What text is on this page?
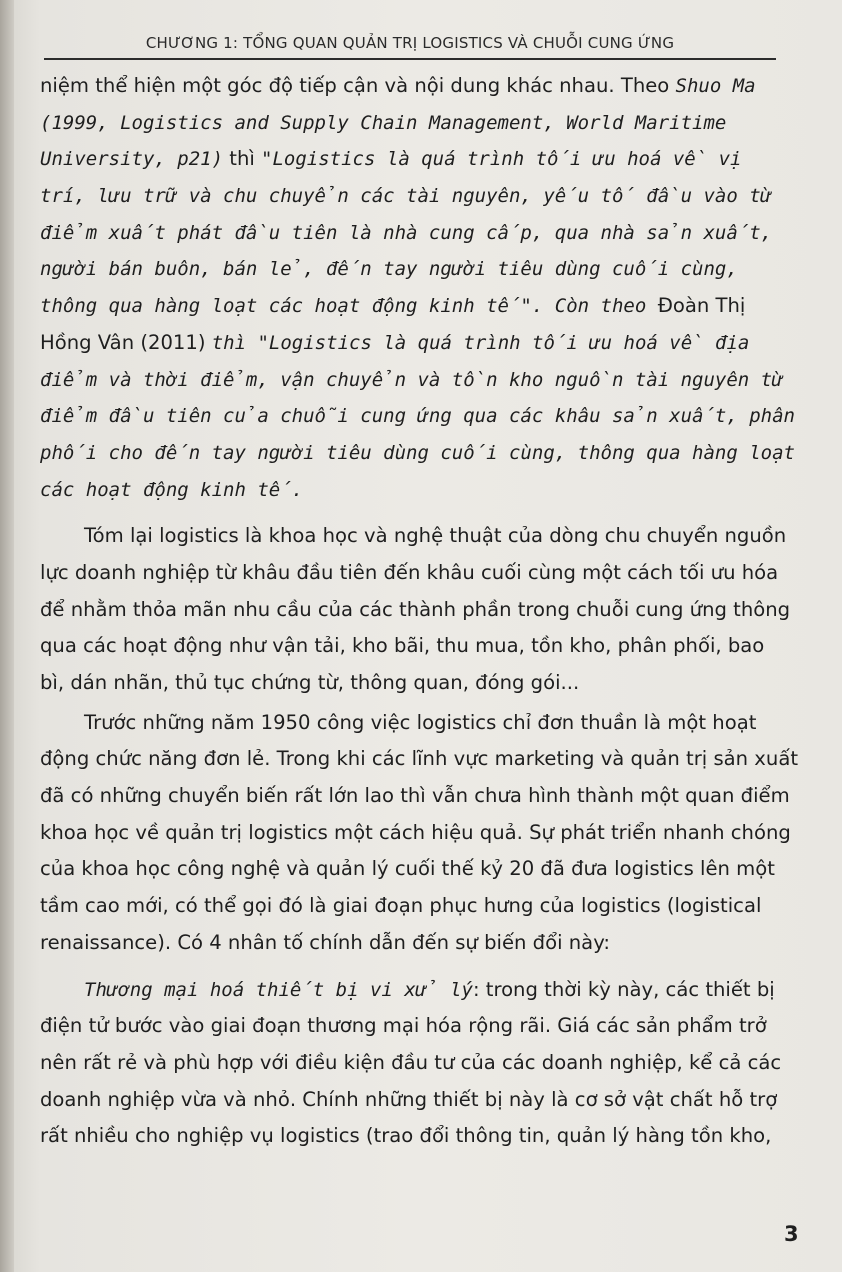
CHƯƠNG 1: TỔNG QUAN QUẢN TRỊ LOGISTICS VÀ CHUỖI CUNG ỨNG
niệm thể hiện một góc độ tiếp cận và nội dung khác nhau. Theo Shuo Ma
(1999, Logistics and Supply Chain Management, World Maritime
University, p21) thì "Logistics là quá trình tối ưu hoá về vị
trí, lưu trữ và chu chuyển các tài nguyên, yếu tố đầu vào từ
điểm xuất phát đầu tiên là nhà cung cấp, qua nhà sản xuất,
người bán buôn, bán lẻ, đến tay người tiêu dùng cuối cùng,
thông qua hàng loạt các hoạt động kinh tế". Còn theo Đoàn Thị
Hồng Vân (2011) thì "Logistics là quá trình tối ưu hoá về địa
điểm và thời điểm, vận chuyển và tồn kho nguồn tài nguyên từ
điểm đầu tiên của chuỗi cung ứng qua các khâu sản xuất, phân
phối cho đến tay người tiêu dùng cuối cùng, thông qua hàng loạt
các hoạt động kinh tế.
Tóm lại logistics là khoa học và nghệ thuật của dòng chu chuyển nguồn
lực doanh nghiệp từ khâu đầu tiên đến khâu cuối cùng một cách tối ưu hóa
để nhằm thỏa mãn nhu cầu của các thành phần trong chuỗi cung ứng thông
qua các hoạt động như vận tải, kho bãi, thu mua, tồn kho, phân phối, bao
bì, dán nhãn, thủ tục chứng từ, thông quan, đóng gói...
Trước những năm 1950 công việc logistics chỉ đơn thuần là một hoạt
động chức năng đơn lẻ. Trong khi các lĩnh vực marketing và quản trị sản xuất
đã có những chuyển biến rất lớn lao thì vẫn chưa hình thành một quan điểm
khoa học về quản trị logistics một cách hiệu quả. Sự phát triển nhanh chóng
của khoa học công nghệ và quản lý cuối thế kỷ 20 đã đưa logistics lên một
tầm cao mới, có thể gọi đó là giai đoạn phục hưng của logistics (logistical
renaissance). Có 4 nhân tố chính dẫn đến sự biến đổi này:
Thương mại hoá thiết bị vi xử lý: trong thời kỳ này, các thiết bị
điện tử bước vào giai đoạn thương mại hóa rộng rãi. Giá các sản phẩm trở
nên rất rẻ và phù hợp với điều kiện đầu tư của các doanh nghiệp, kể cả các
doanh nghiệp vừa và nhỏ. Chính những thiết bị này là cơ sở vật chất hỗ trợ
rất nhiều cho nghiệp vụ logistics (trao đổi thông tin, quản lý hàng tồn kho,
3
